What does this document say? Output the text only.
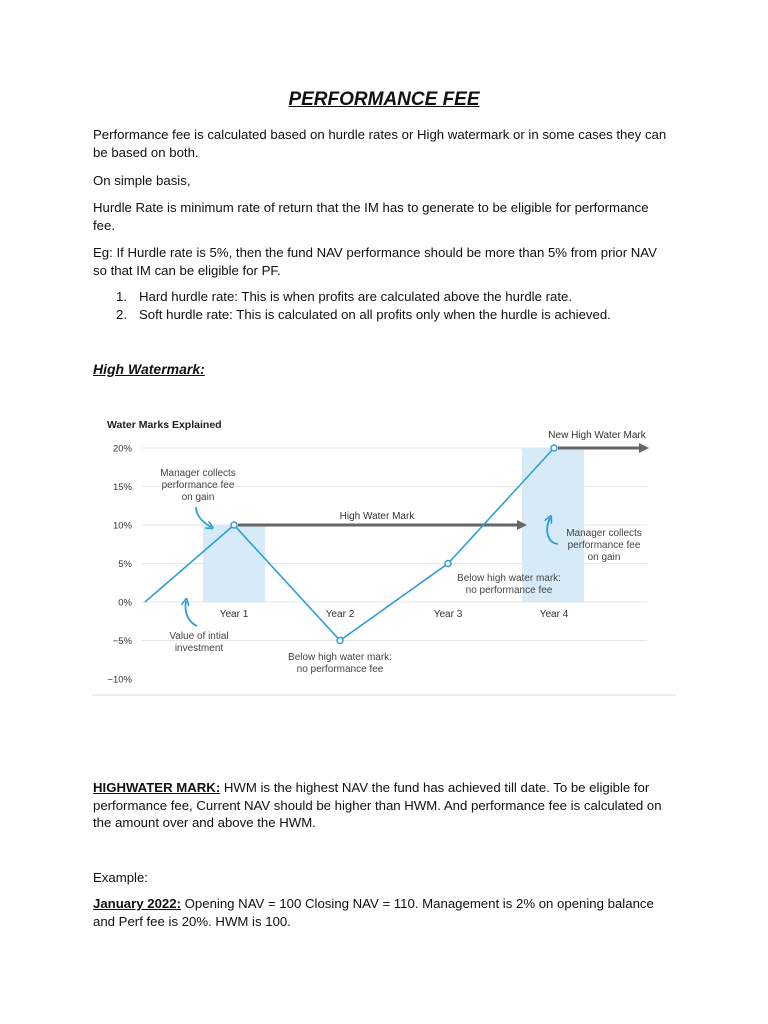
PERFORMANCE FEE

Performance fee is calculated based on hurdle rates or High watermark or in some cases they can be based on both.

On simple basis,

Hurdle Rate is minimum rate of return that the IM has to generate to be eligible for performance fee.

Eg: If Hurdle rate is 5%, then the fund NAV performance should be more than 5% from prior NAV so that IM can be eligible for PF.

1. Hard hurdle rate: This is when profits are calculated above the hurdle rate.
2. Soft hurdle rate: This is calculated on all profits only when the hurdle is achieved.
High Watermark:
Water Marks Explained
20%
15%
10%
5%
0%
−5%
−10%
Year 1	Year 2	Year 3	Year 4
High Water Mark
New High Water Mark
Manager collects
performance fee
on gain
Value of intial
investment
Below high water mark:
no performance fee
Below high water mark:
no performance fee
Manager collects
performance fee
on gain

HIGHWATER MARK: HWM is the highest NAV the fund has achieved till date. To be eligible for performance fee, Current NAV should be higher than HWM. And performance fee is calculated on the amount over and above the HWM.

Example:

January 2022: Opening NAV = 100 Closing NAV = 110. Management is 2% on opening balance and Perf fee is 20%. HWM is 100.
